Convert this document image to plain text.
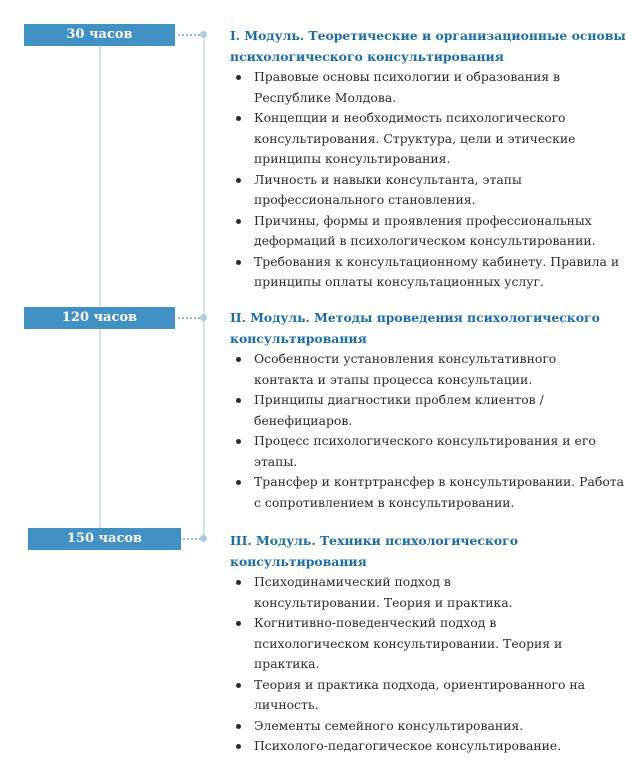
30 часов	I. Модуль. Теоретические и организационные основы психологического консультирования

Правовые основы психологии и образования в Республике Молдова.
Концепции и необходимость психологического консультирования. Структура, цели и этические принципы консультирования.
Личность и навыки консультанта, этапы профессионального становления.
Причины, формы и проявления профессиональных деформаций в психологическом консультировании.
Требования к консультационному кабинету. Правила и принципы оплаты консультационных услуг.
120 часов	II. Модуль. Методы проведения психологического консультирования

Особенности установления консультативного контакта и этапы процесса консультации.
Принципы диагностики проблем клиентов / бенефициаров.
Процесс психологического консультирования и его этапы.
Трансфер и контртрансфер в консультировании. Работа с сопротивлением в консультировании.
150 часов	III. Модуль. Техники психологического консультирования

Психодинамический подход в консультировании. Теория и практика.
Когнитивно-поведенческий подход в психологическом консультировании. Теория и практика.
Теория и практика подхода, ориентированного на личность.
Элементы семейного консультирования.
Психолого-педагогическое консультирование.
